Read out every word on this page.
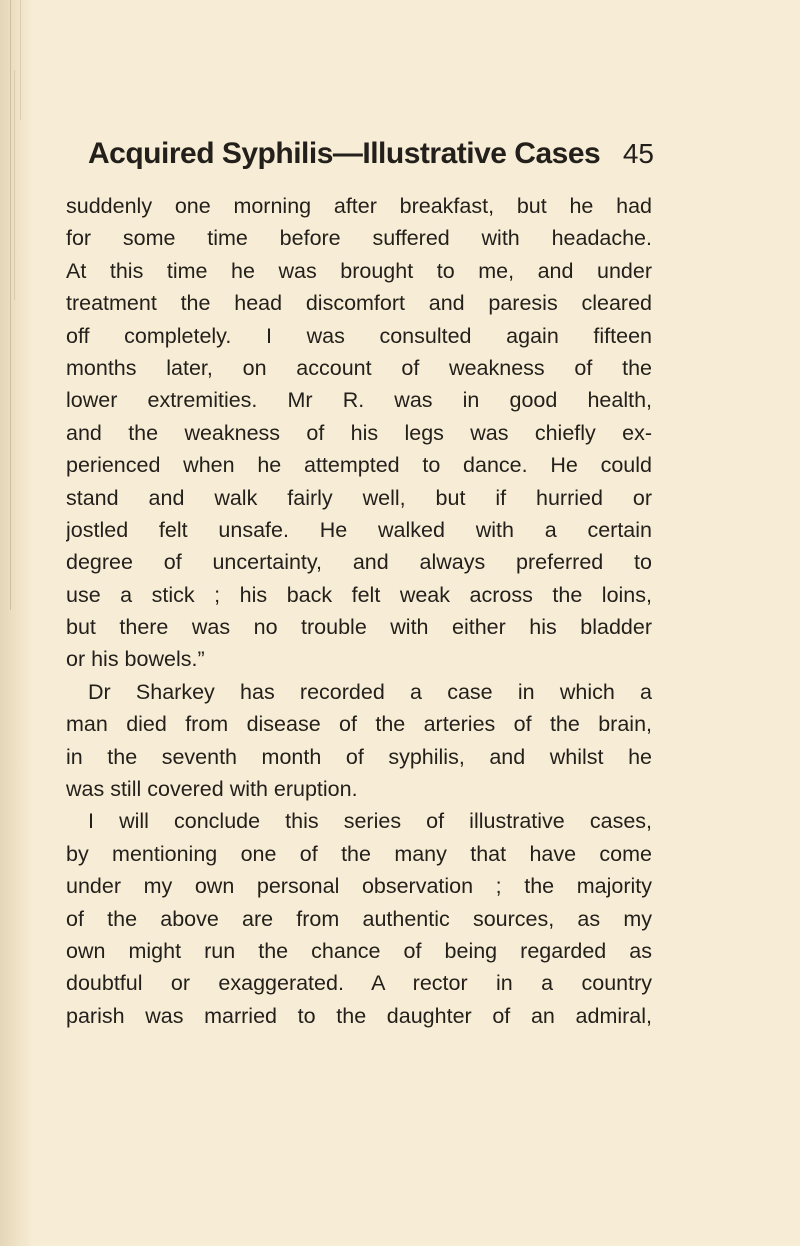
Acquired Syphilis—Illustrative Cases 45
suddenly one morning after breakfast, but he had
for some time before suffered with headache.
At this time he was brought to me, and under
treatment the head discomfort and paresis cleared
off completely. I was consulted again fifteen
months later, on account of weakness of the
lower extremities. Mr R. was in good health,
and the weakness of his legs was chiefly ex-
perienced when he attempted to dance. He could
stand and walk fairly well, but if hurried or
jostled felt unsafe. He walked with a certain
degree of uncertainty, and always preferred to
use a stick ; his back felt weak across the loins,
but there was no trouble with either his bladder
or his bowels.”
Dr Sharkey has recorded a case in which a
man died from disease of the arteries of the brain,
in the seventh month of syphilis, and whilst he
was still covered with eruption.
I will conclude this series of illustrative cases,
by mentioning one of the many that have come
under my own personal observation ; the majority
of the above are from authentic sources, as my
own might run the chance of being regarded as
doubtful or exaggerated. A rector in a country
parish was married to the daughter of an admiral,
